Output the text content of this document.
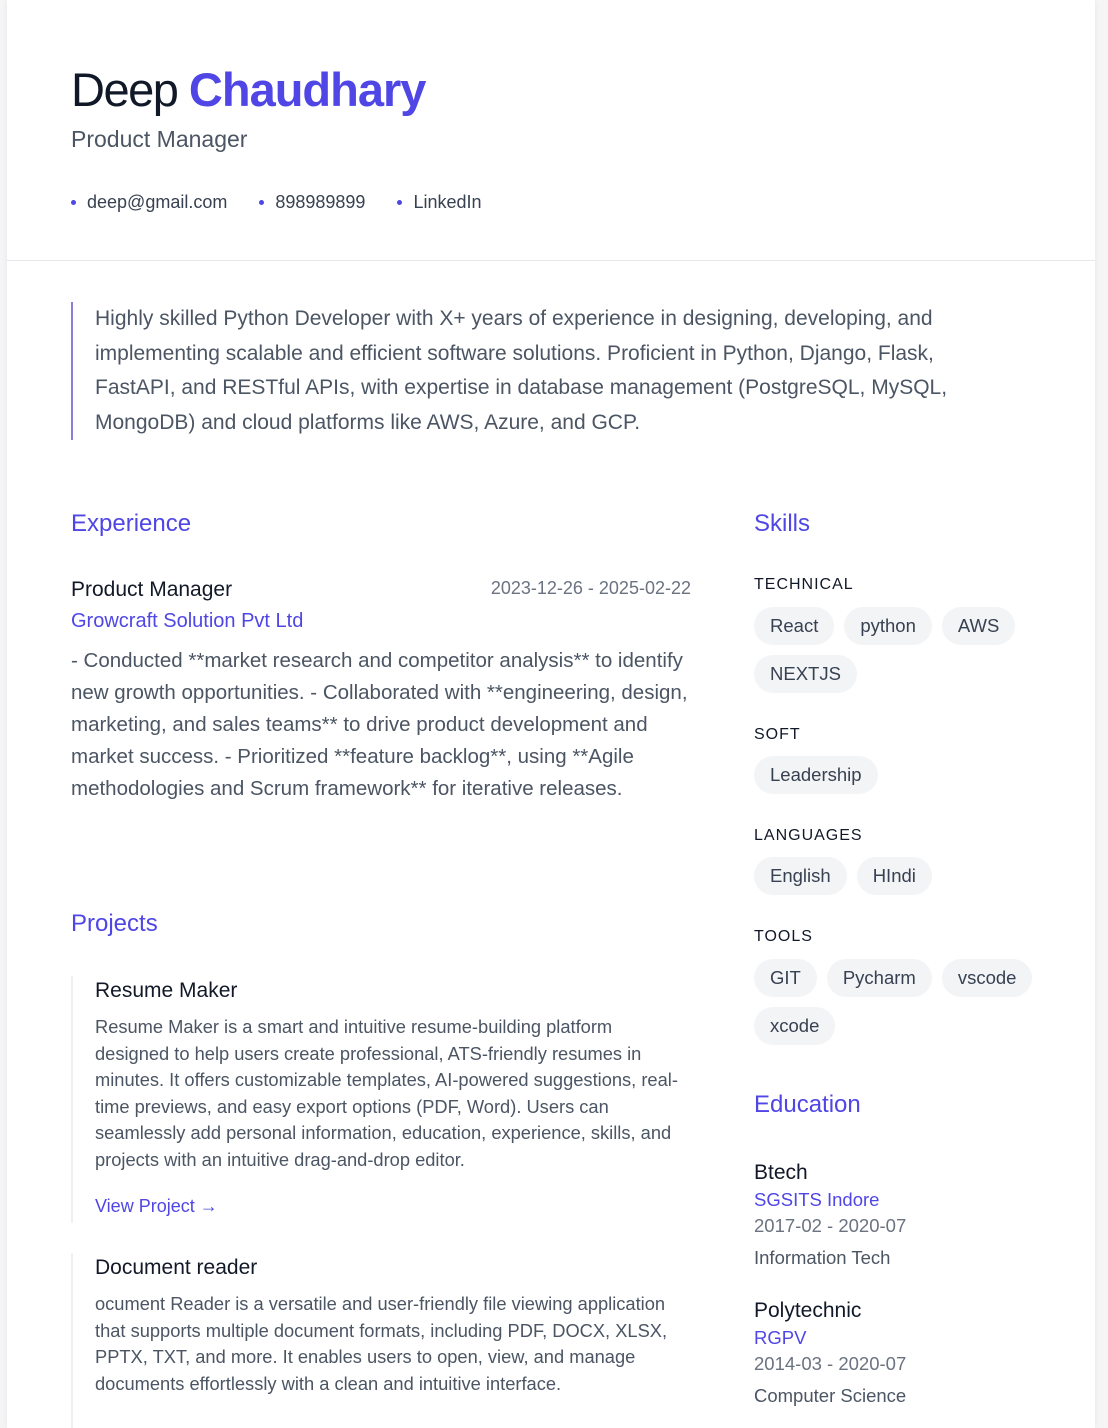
Deep Chaudhary
Product Manager
deep@gmail.com	898989899	LinkedIn
Highly skilled Python Developer with X+ years of experience in designing, developing, and implementing scalable and efficient software solutions. Proficient in Python, Django, Flask, FastAPI, and RESTful APIs, with expertise in database management (PostgreSQL, MySQL, MongoDB) and cloud platforms like AWS, Azure, and GCP.
Experience
Product Manager	2023-12-26 - 2025-02-22
Growcraft Solution Pvt Ltd
- Conducted **market research and competitor analysis** to identify new growth opportunities. - Collaborated with **engineering, design, marketing, and sales teams** to drive product development and market success. - Prioritized **feature backlog**, using **Agile methodologies and Scrum framework** for iterative releases.
Projects
Resume Maker
Resume Maker is a smart and intuitive resume-building platform designed to help users create professional, ATS-friendly resumes in minutes. It offers customizable templates, AI-powered suggestions, real-time previews, and easy export options (PDF, Word). Users can seamlessly add personal information, education, experience, skills, and projects with an intuitive drag-and-drop editor.
View Project →
Document reader
ocument Reader is a versatile and user-friendly file viewing application that supports multiple document formats, including PDF, DOCX, XLSX, PPTX, TXT, and more. It enables users to open, view, and manage documents effortlessly with a clean and intuitive interface.
Skills
TECHNICAL
React	python	AWS
NEXTJS
SOFT
Leadership
LANGUAGES
English	HIndi
TOOLS
GIT	Pycharm	vscode
xcode
Education
Btech
SGSITS Indore
2017-02 - 2020-07
Information Tech
Polytechnic
RGPV
2014-03 - 2020-07
Computer Science
